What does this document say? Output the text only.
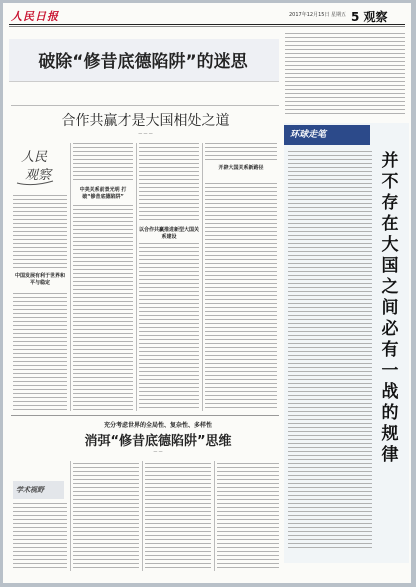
人民日报	2017年12月15日 星期五 5 观察
破除“修昔底德陷阱”的迷思
合作共赢才是大国相处之道
— — —
人民
观察
中国发展有利于世界和平与稳定
中美关系前景光明 打破“修昔底德陷阱”
以合作共赢推进新型大国关系建设
开辟大国关系新路径
环球走笔
并不存在大国之间必有一战的规律
充分考虑世界的全局性、复杂性、多样性
消弭“修昔底德陷阱”思维
— —
学术视野
